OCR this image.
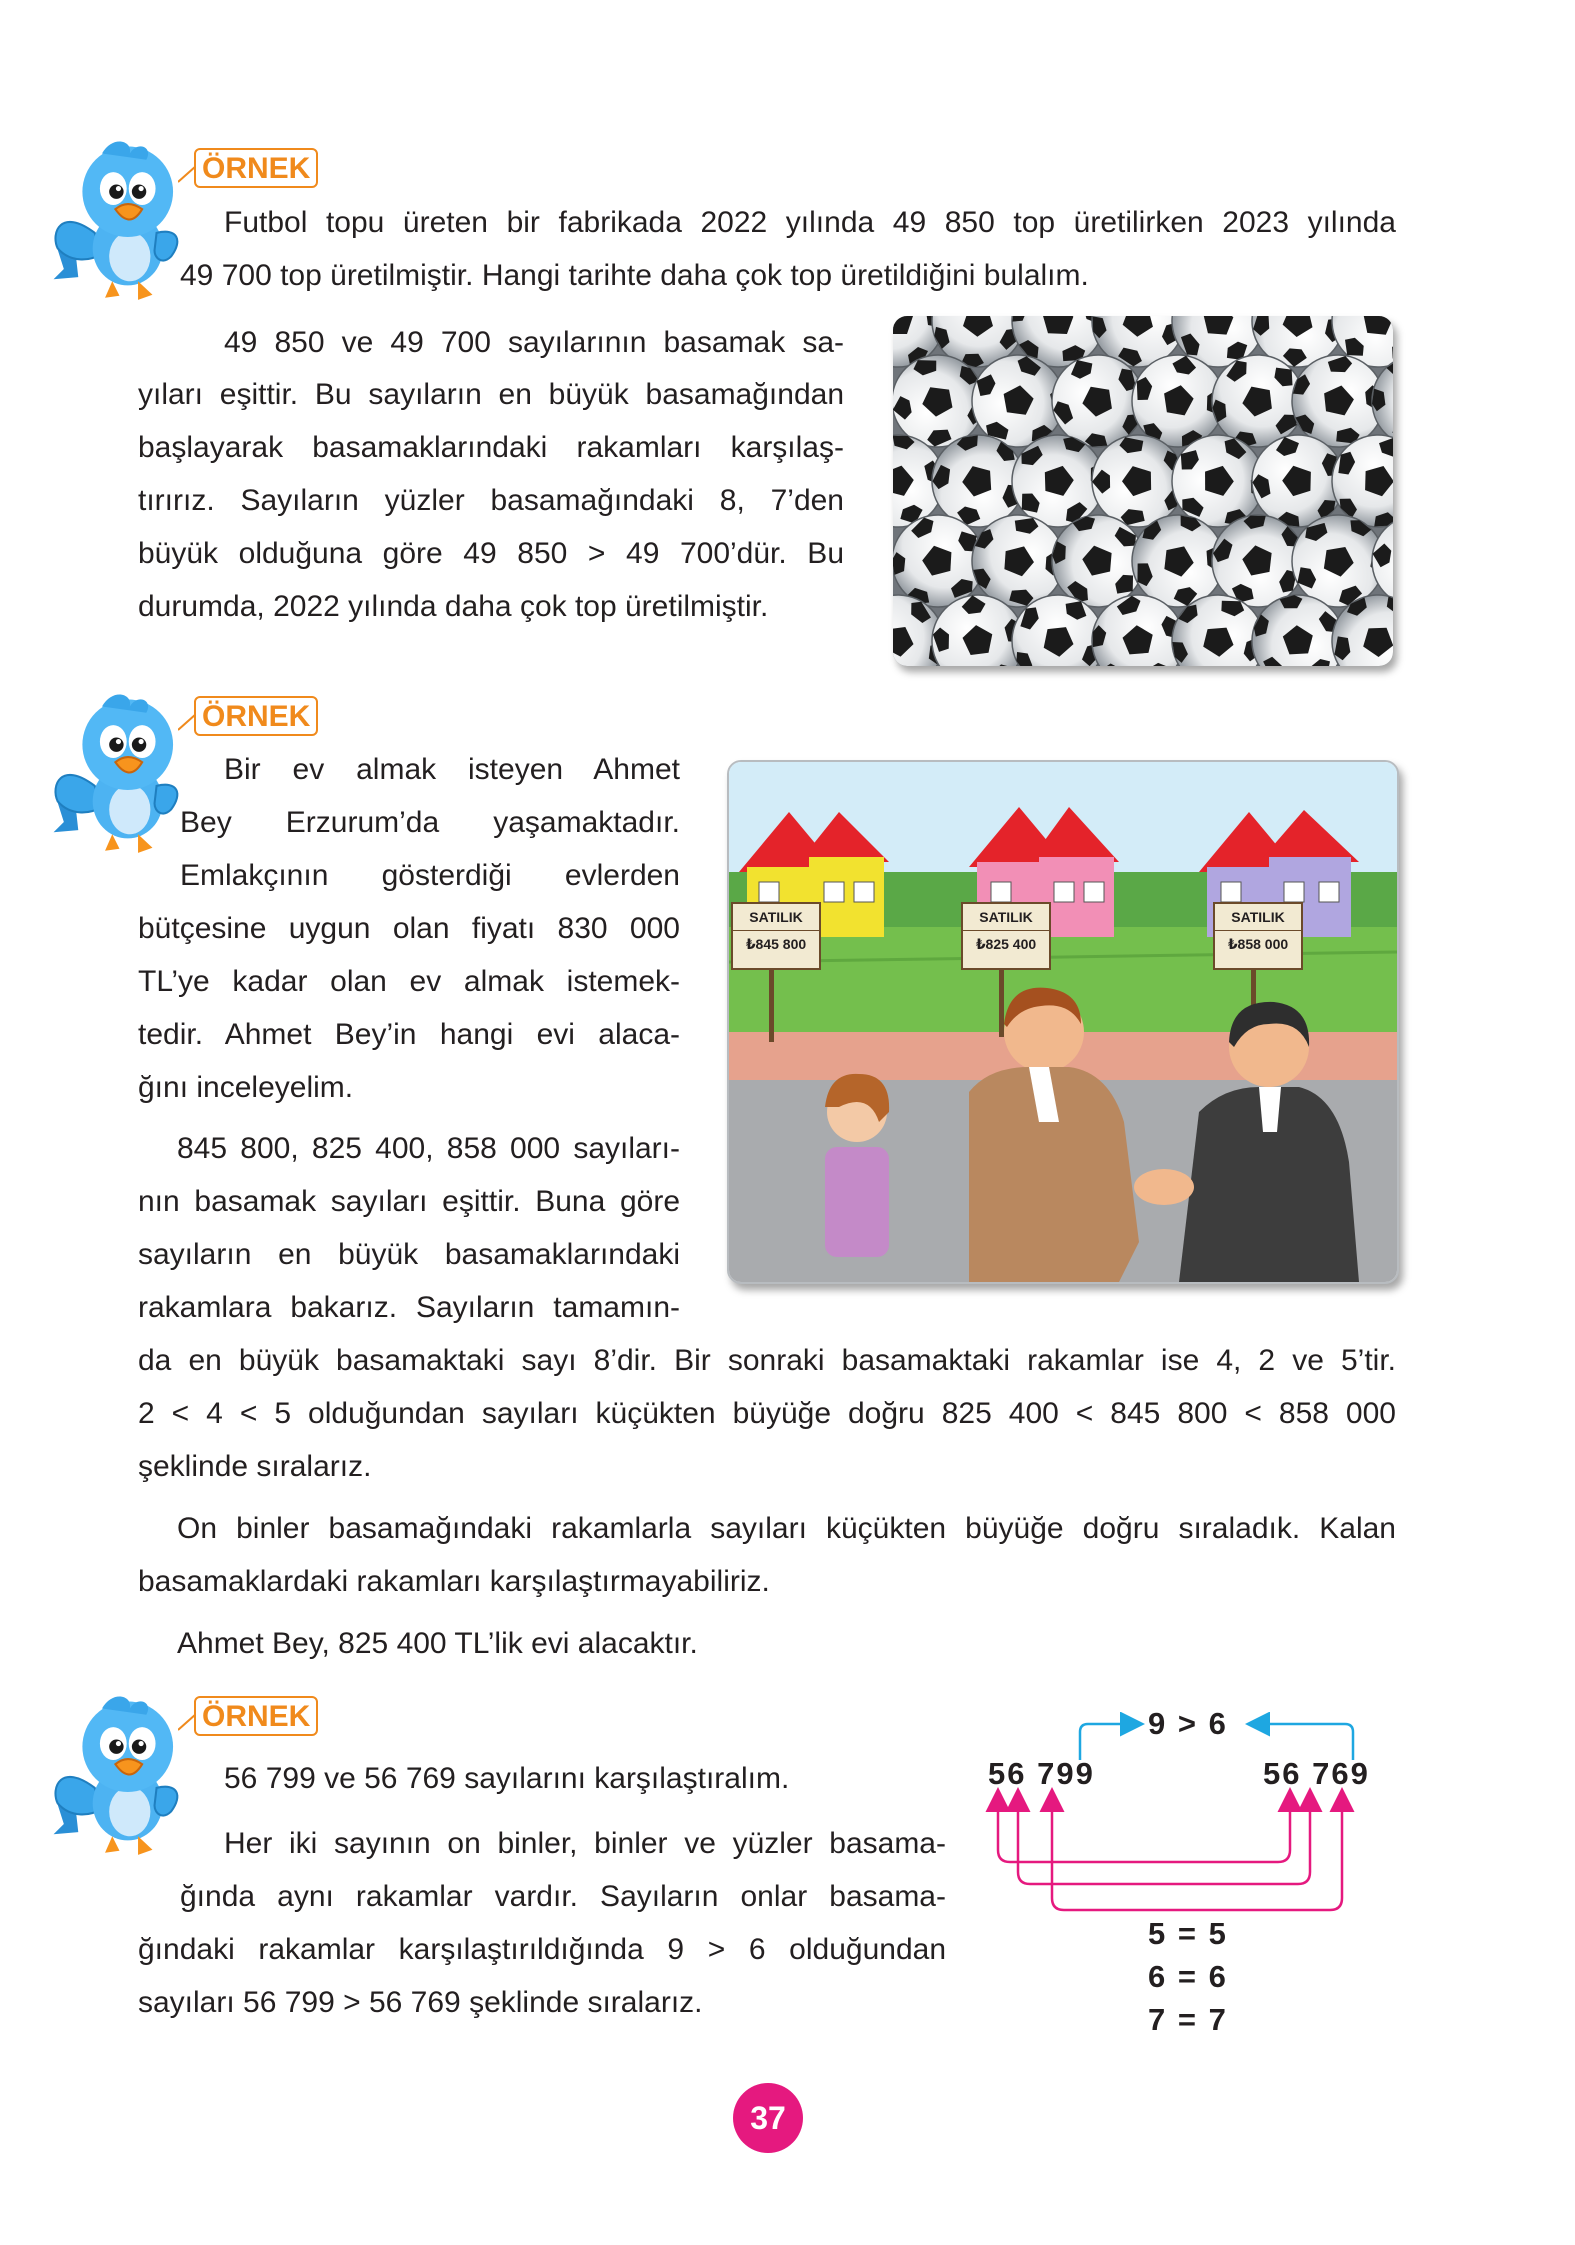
ÖRNEK
Futbol topu üreten bir fabrikada 2022 yılında 49 850 top üretilirken 2023 yılında
49 700 top üretilmiştir. Hangi tarihte daha çok top üretildiğini bulalım.
49 850 ve 49 700 sayılarının basamak sa-
yıları eşittir. Bu sayıların en büyük basamağından
başlayarak basamaklarındaki rakamları karşılaş-
tırırız. Sayıların yüzler basamağındaki 8, 7’den
büyük olduğuna göre 49 850 > 49 700’dür. Bu
durumda, 2022 yılında daha çok top üretilmiştir.
ÖRNEK
Bir ev almak isteyen Ahmet
Bey Erzurum’da yaşamaktadır.
Emlakçının gösterdiği evlerden
bütçesine uygun olan fiyatı 830 000
TL’ye kadar olan ev almak istemek-
tedir. Ahmet Bey’in hangi evi alaca-
ğını inceleyelim.
845 800, 825 400, 858 000 sayıları-
nın basamak sayıları eşittir. Buna göre
sayıların en büyük basamaklarındaki
rakamlara bakarız. Sayıların tamamın-
SATILIK
₺845 800
SATILIK
₺825 400
SATILIK
₺858 000
da en büyük basamaktaki sayı 8’dir. Bir sonraki basamaktaki rakamlar ise 4, 2 ve 5’tir.
2 < 4 < 5 olduğundan sayıları küçükten büyüğe doğru 825 400 < 845 800 < 858 000
şeklinde sıralarız.
On binler basamağındaki rakamlarla sayıları küçükten büyüğe doğru sıraladık. Kalan
basamaklardaki rakamları karşılaştırmayabiliriz.
Ahmet Bey, 825 400 TL’lik evi alacaktır.
ÖRNEK
56 799 ve 56 769 sayılarını karşılaştıralım.
Her iki sayının on binler, binler ve yüzler basama-
ğında aynı rakamlar vardır. Sayıların onlar basama-
ğındaki rakamlar karşılaştırıldığında 9 > 6 olduğundan
sayıları 56 799 > 56 769 şeklinde sıralarız.
9 > 6
56 799	56 769
5 = 5
6 = 6
7 = 7
37
